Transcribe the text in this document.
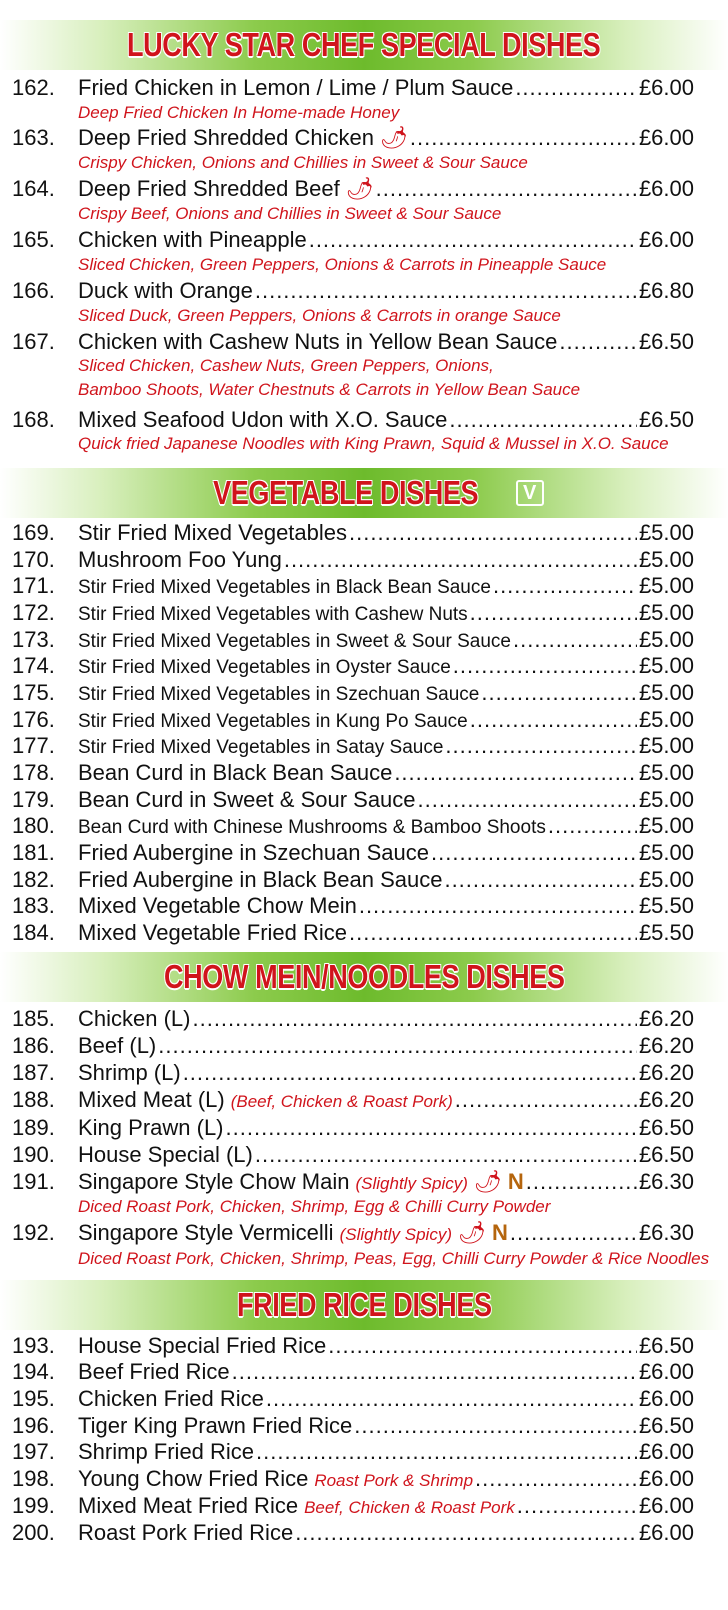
LUCKY STAR CHEF SPECIAL DISHES
162.	Fried Chicken in Lemon / Lime / Plum Sauce .....	£6.00
Deep Fried Chicken In Home-made Honey
163.	Deep Fried Shredded Chicken 🌶 .....	£6.00
Crispy Chicken, Onions and Chillies in Sweet & Sour Sauce
164.	Deep Fried Shredded Beef 🌶 .....	£6.00
Crispy Beef, Onions and Chillies in Sweet & Sour Sauce
165.	Chicken with Pineapple .....	£6.00
Sliced Chicken, Green Peppers, Onions & Carrots in Pineapple Sauce
166.	Duck with Orange .....	£6.80
Sliced Duck, Green Peppers, Onions & Carrots in orange Sauce
167.	Chicken with Cashew Nuts in Yellow Bean Sauce .....	£6.50
Sliced Chicken, Cashew Nuts, Green Peppers, Onions,
Bamboo Shoots, Water Chestnuts & Carrots in Yellow Bean Sauce
168.	Mixed Seafood Udon with X.O. Sauce .....	£6.50
Quick fried Japanese Noodles with King Prawn, Squid & Mussel in X.O. Sauce
VEGETABLE DISHES	V
169.	Stir Fried Mixed Vegetables .....	£5.00
170.	Mushroom Foo Yung .....	£5.00
171.	Stir Fried Mixed Vegetables in Black Bean Sauce .....	£5.00
172.	Stir Fried Mixed Vegetables with Cashew Nuts .....	£5.00
173.	Stir Fried Mixed Vegetables in Sweet & Sour Sauce .....	£5.00
174.	Stir Fried Mixed Vegetables in Oyster Sauce .....	£5.00
175.	Stir Fried Mixed Vegetables in Szechuan Sauce .....	£5.00
176.	Stir Fried Mixed Vegetables in Kung Po Sauce .....	£5.00
177.	Stir Fried Mixed Vegetables in Satay Sauce .....	£5.00
178.	Bean Curd in Black Bean Sauce .....	£5.00
179.	Bean Curd in Sweet & Sour Sauce .....	£5.00
180.	Bean Curd with Chinese Mushrooms & Bamboo Shoots .....	£5.00
181.	Fried Aubergine in Szechuan Sauce .....	£5.00
182.	Fried Aubergine in Black Bean Sauce .....	£5.00
183.	Mixed Vegetable Chow Mein .....	£5.50
184.	Mixed Vegetable Fried Rice .....	£5.50
CHOW MEIN/NOODLES DISHES
185.	Chicken (L) .....	£6.20
186.	Beef (L) .....	£6.20
187.	Shrimp (L) .....	£6.20
188.	Mixed Meat (L) (Beef, Chicken & Roast Pork) .....	£6.20
189.	King Prawn (L) .....	£6.50
190.	House Special (L) .....	£6.50
191.	Singapore Style Chow Main (Slightly Spicy) 🌶 N .....	£6.30
Diced Roast Pork, Chicken, Shrimp, Egg & Chilli Curry Powder
192.	Singapore Style Vermicelli (Slightly Spicy) 🌶 N .....	£6.30
Diced Roast Pork, Chicken, Shrimp, Peas, Egg, Chilli Curry Powder & Rice Noodles
FRIED RICE DISHES
193.	House Special Fried Rice .....	£6.50
194.	Beef Fried Rice .....	£6.00
195.	Chicken Fried Rice .....	£6.00
196.	Tiger King Prawn Fried Rice .....	£6.50
197.	Shrimp Fried Rice .....	£6.00
198.	Young Chow Fried Rice Roast Pork & Shrimp .....	£6.00
199.	Mixed Meat Fried Rice Beef, Chicken & Roast Pork .....	£6.00
200.	Roast Pork Fried Rice .....	£6.00
